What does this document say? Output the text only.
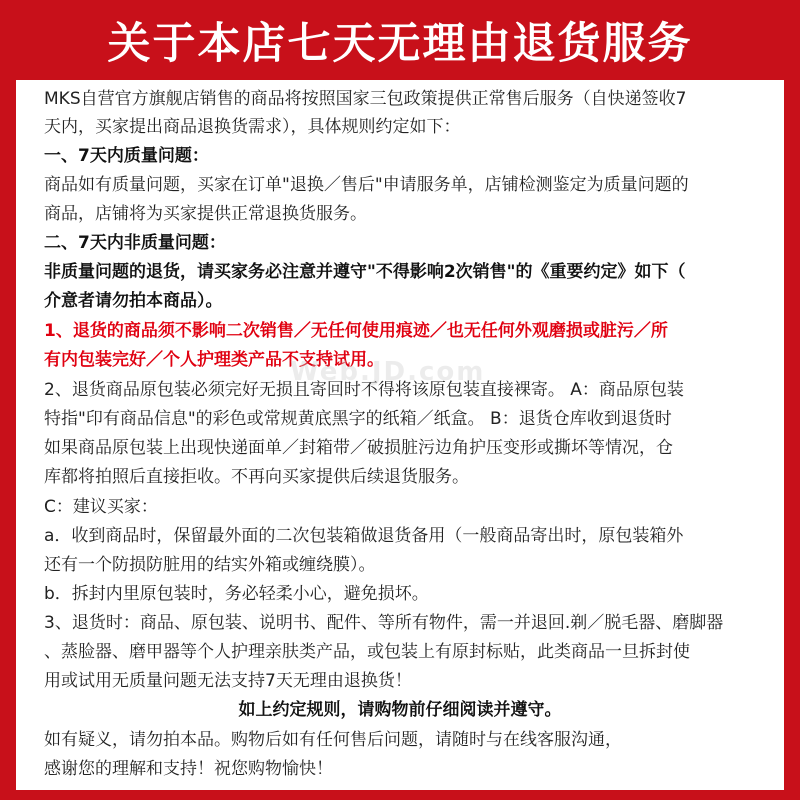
关于本店七天无理由退货服务
MKS自营官方旗舰店销售的商品将按照国家三包政策提供正常售后服务（自快递签收7
天内，买家提出商品退换货需求），具体规则约定如下：
一、7天内质量问题：
商品如有质量问题，买家在订单"退换／售后"申请服务单，店铺检测鉴定为质量问题的
商品，店铺将为买家提供正常退换货服务。
二、7天内非质量问题：
非质量问题的退货，请买家务必注意并遵守"不得影响2次销售"的《重要约定》如下（
介意者请勿拍本商品）。
1、退货的商品须不影响二次销售／无任何使用痕迹／也无任何外观磨损或脏污／所
有内包装完好／个人护理类产品不支持试用。
2、退货商品原包装必须完好无损且寄回时不得将该原包装直接裸寄。 A：商品原包装
特指"印有商品信息"的彩色或常规黄底黑字的纸箱／纸盒。 B：退货仓库收到退货时
如果商品原包装上出现快递面单／封箱带／破损脏污边角护压变形或撕坏等情况，仓
库都将拍照后直接拒收。不再向买家提供后续退货服务。
C：建议买家：
a．收到商品时，保留最外面的二次包装箱做退货备用（一般商品寄出时，原包装箱外
还有一个防损防脏用的结实外箱或缠绕膜）。
b．拆封内里原包装时，务必轻柔小心，避免损坏。
3、退货时：商品、原包装、说明书、配件、等所有物件，需一并退回.剃／脱毛器、磨脚器
、蒸脸器、磨甲器等个人护理亲肤类产品，或包装上有原封标贴，此类商品一旦拆封使
用或试用无质量问题无法支持7天无理由退换货！
如上约定规则，请购物前仔细阅读并遵守。
如有疑义，请勿拍本品。购物后如有任何售后问题，请随时与在线客服沟通，
感谢您的理解和支持！祝您购物愉快！
Web.JD.com
